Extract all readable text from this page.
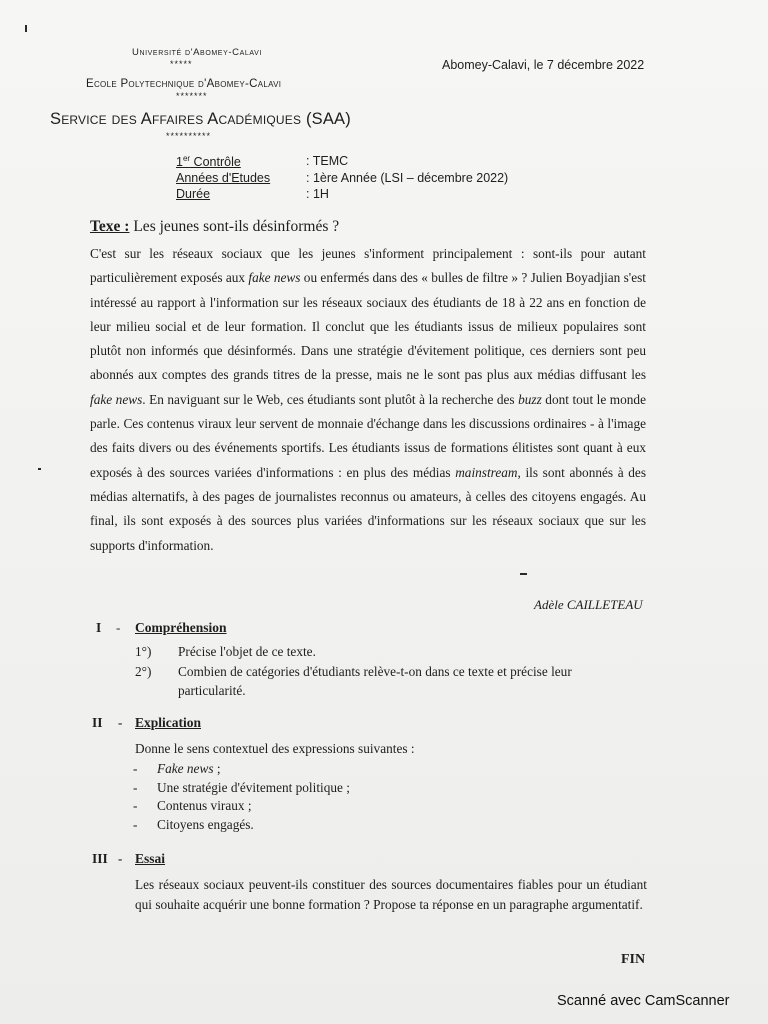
Université d'Abomey-Calavi
*****
Ecole Polytechnique d'Abomey-Calavi
*******
Service des Affaires Académiques (SAA)
**********
Abomey-Calavi, le 7 décembre 2022
1er Contrôle	: TEMC
Années d'Etudes	: 1ère Année (LSI – décembre 2022)
Durée	: 1H
Texe : Les jeunes sont-ils désinformés ?
C'est sur les réseaux sociaux que les jeunes s'informent principalement : sont-ils pour autant particulièrement exposés aux fake news ou enfermés dans des « bulles de filtre » ? Julien Boyadjian s'est intéressé au rapport à l'information sur les réseaux sociaux des étudiants de 18 à 22 ans en fonction de leur milieu social et de leur formation. Il conclut que les étudiants issus de milieux populaires sont plutôt non informés que désinformés. Dans une stratégie d'évitement politique, ces derniers sont peu abonnés aux comptes des grands titres de la presse, mais ne le sont pas plus aux médias diffusant les fake news. En naviguant sur le Web, ces étudiants sont plutôt à la recherche des buzz dont tout le monde parle. Ces contenus viraux leur servent de monnaie d'échange dans les discussions ordinaires - à l'image des faits divers ou des événements sportifs. Les étudiants issus de formations élitistes sont quant à eux exposés à des sources variées d'informations : en plus des médias mainstream, ils sont abonnés à des médias alternatifs, à des pages de journalistes reconnus ou amateurs, à celles des citoyens engagés. Au final, ils sont exposés à des sources plus variées d'informations sur les réseaux sociaux que sur les supports d'information.
Adèle CAILLETEAU
I - Compréhension
1°) Précise l'objet de ce texte.
2°) Combien de catégories d'étudiants relève-t-on dans ce texte et précise leur
particularité.
II - Explication
Donne le sens contextuel des expressions suivantes :
- Fake news ;
- Une stratégie d'évitement politique ;
- Contenus viraux ;
- Citoyens engagés.
III - Essai
Les réseaux sociaux peuvent-ils constituer des sources documentaires fiables pour un étudiant qui souhaite acquérir une bonne formation ? Propose ta réponse en un paragraphe argumentatif.
FIN
Scanné avec CamScanner
